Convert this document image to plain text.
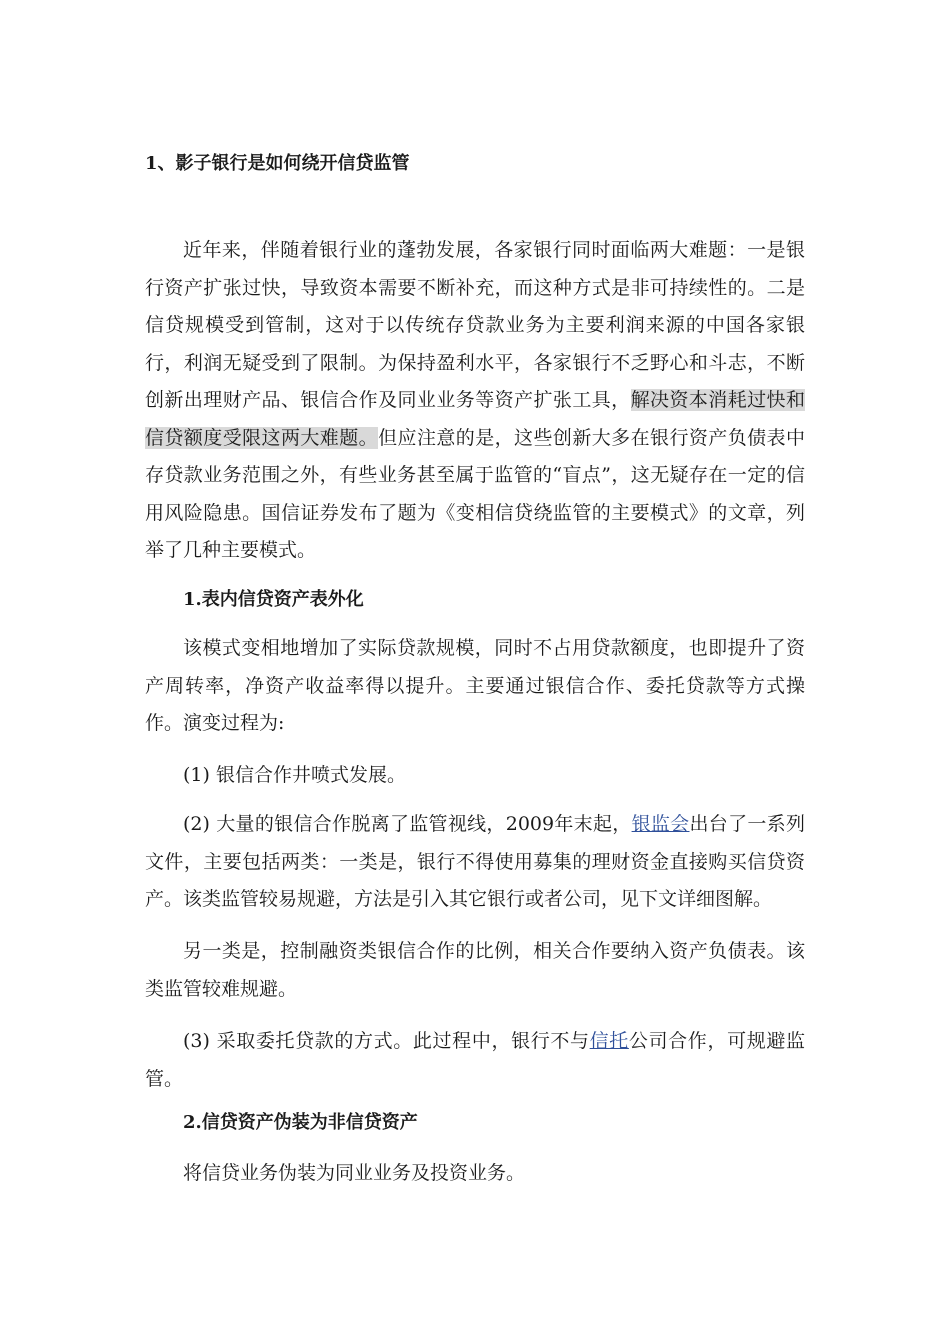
1、影子银行是如何绕开信贷监管

近年来，伴随着银行业的蓬勃发展，各家银行同时面临两大难题：一是银行资产扩张过快，导致资本需要不断补充，而这种方式是非可持续性的。二是信贷规模受到管制，这对于以传统存贷款业务为主要利润来源的中国各家银行，利润无疑受到了限制。为保持盈利水平，各家银行不乏野心和斗志，不断创新出理财产品、银信合作及同业业务等资产扩张工具，解决资本消耗过快和信贷额度受限这两大难题。但应注意的是，这些创新大多在银行资产负债表中存贷款业务范围之外，有些业务甚至属于监管的“盲点”，这无疑存在一定的信用风险隐患。国信证券发布了题为《变相信贷绕监管的主要模式》的文章，列举了几种主要模式。

1.表内信贷资产表外化

该模式变相地增加了实际贷款规模，同时不占用贷款额度，也即提升了资产周转率，净资产收益率得以提升。主要通过银信合作、委托贷款等方式操作。演变过程为:

(1) 银信合作井喷式发展。

(2) 大量的银信合作脱离了监管视线，2009年末起，银监会出台了一系列文件，主要包括两类：一类是，银行不得使用募集的理财资金直接购买信贷资产。该类监管较易规避，方法是引入其它银行或者公司，见下文详细图解。

另一类是，控制融资类银信合作的比例，相关合作要纳入资产负债表。该类监管较难规避。

(3) 采取委托贷款的方式。此过程中，银行不与信托公司合作，可规避监管。

2.信贷资产伪装为非信贷资产

将信贷业务伪装为同业业务及投资业务。
